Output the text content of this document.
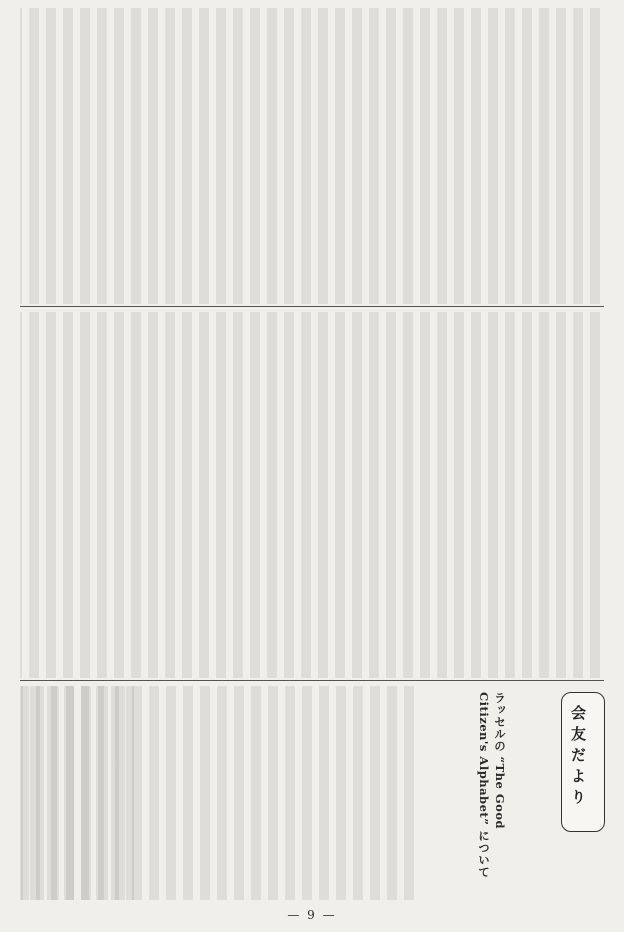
会友だより
ラッセルの “The Good Citizen's Alphabet” について
— 9 —
